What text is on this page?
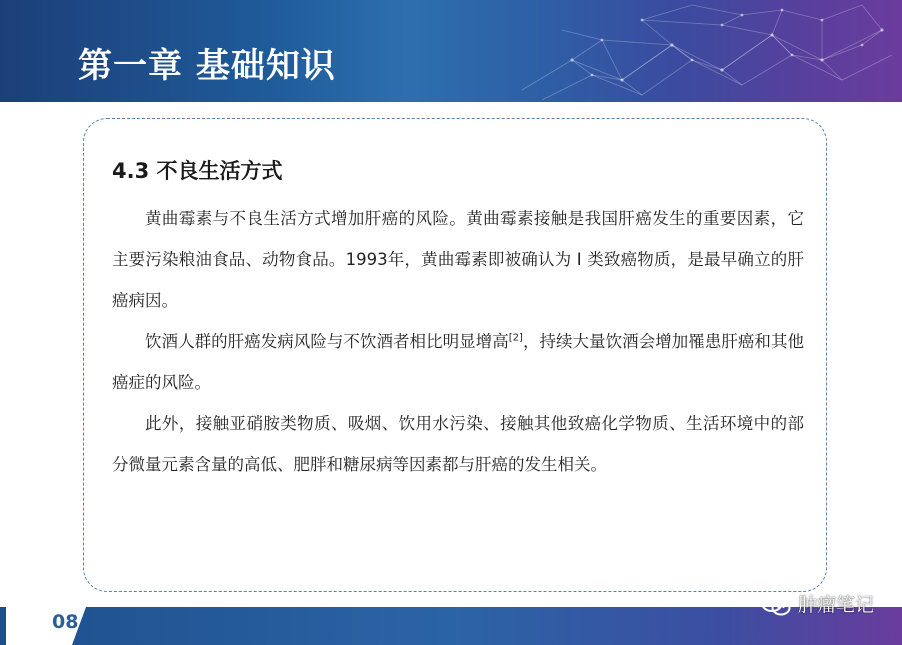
第一章 基础知识
4.3 不良生活方式

黄曲霉素与不良生活方式增加肝癌的风险。黄曲霉素接触是我国肝癌发生的重要因素，它主要污染粮油食品、动物食品。1993年，黄曲霉素即被确认为 Ⅰ 类致癌物质，是最早确立的肝癌病因。

饮酒人群的肝癌发病风险与不饮酒者相比明显增高[2]，持续大量饮酒会增加罹患肝癌和其他癌症的风险。

此外，接触亚硝胺类物质、吸烟、饮用水污染、接触其他致癌化学物质、生活环境中的部分微量元素含量的高低、肥胖和糖尿病等因素都与肝癌的发生相关。

08
肿瘤笔记
